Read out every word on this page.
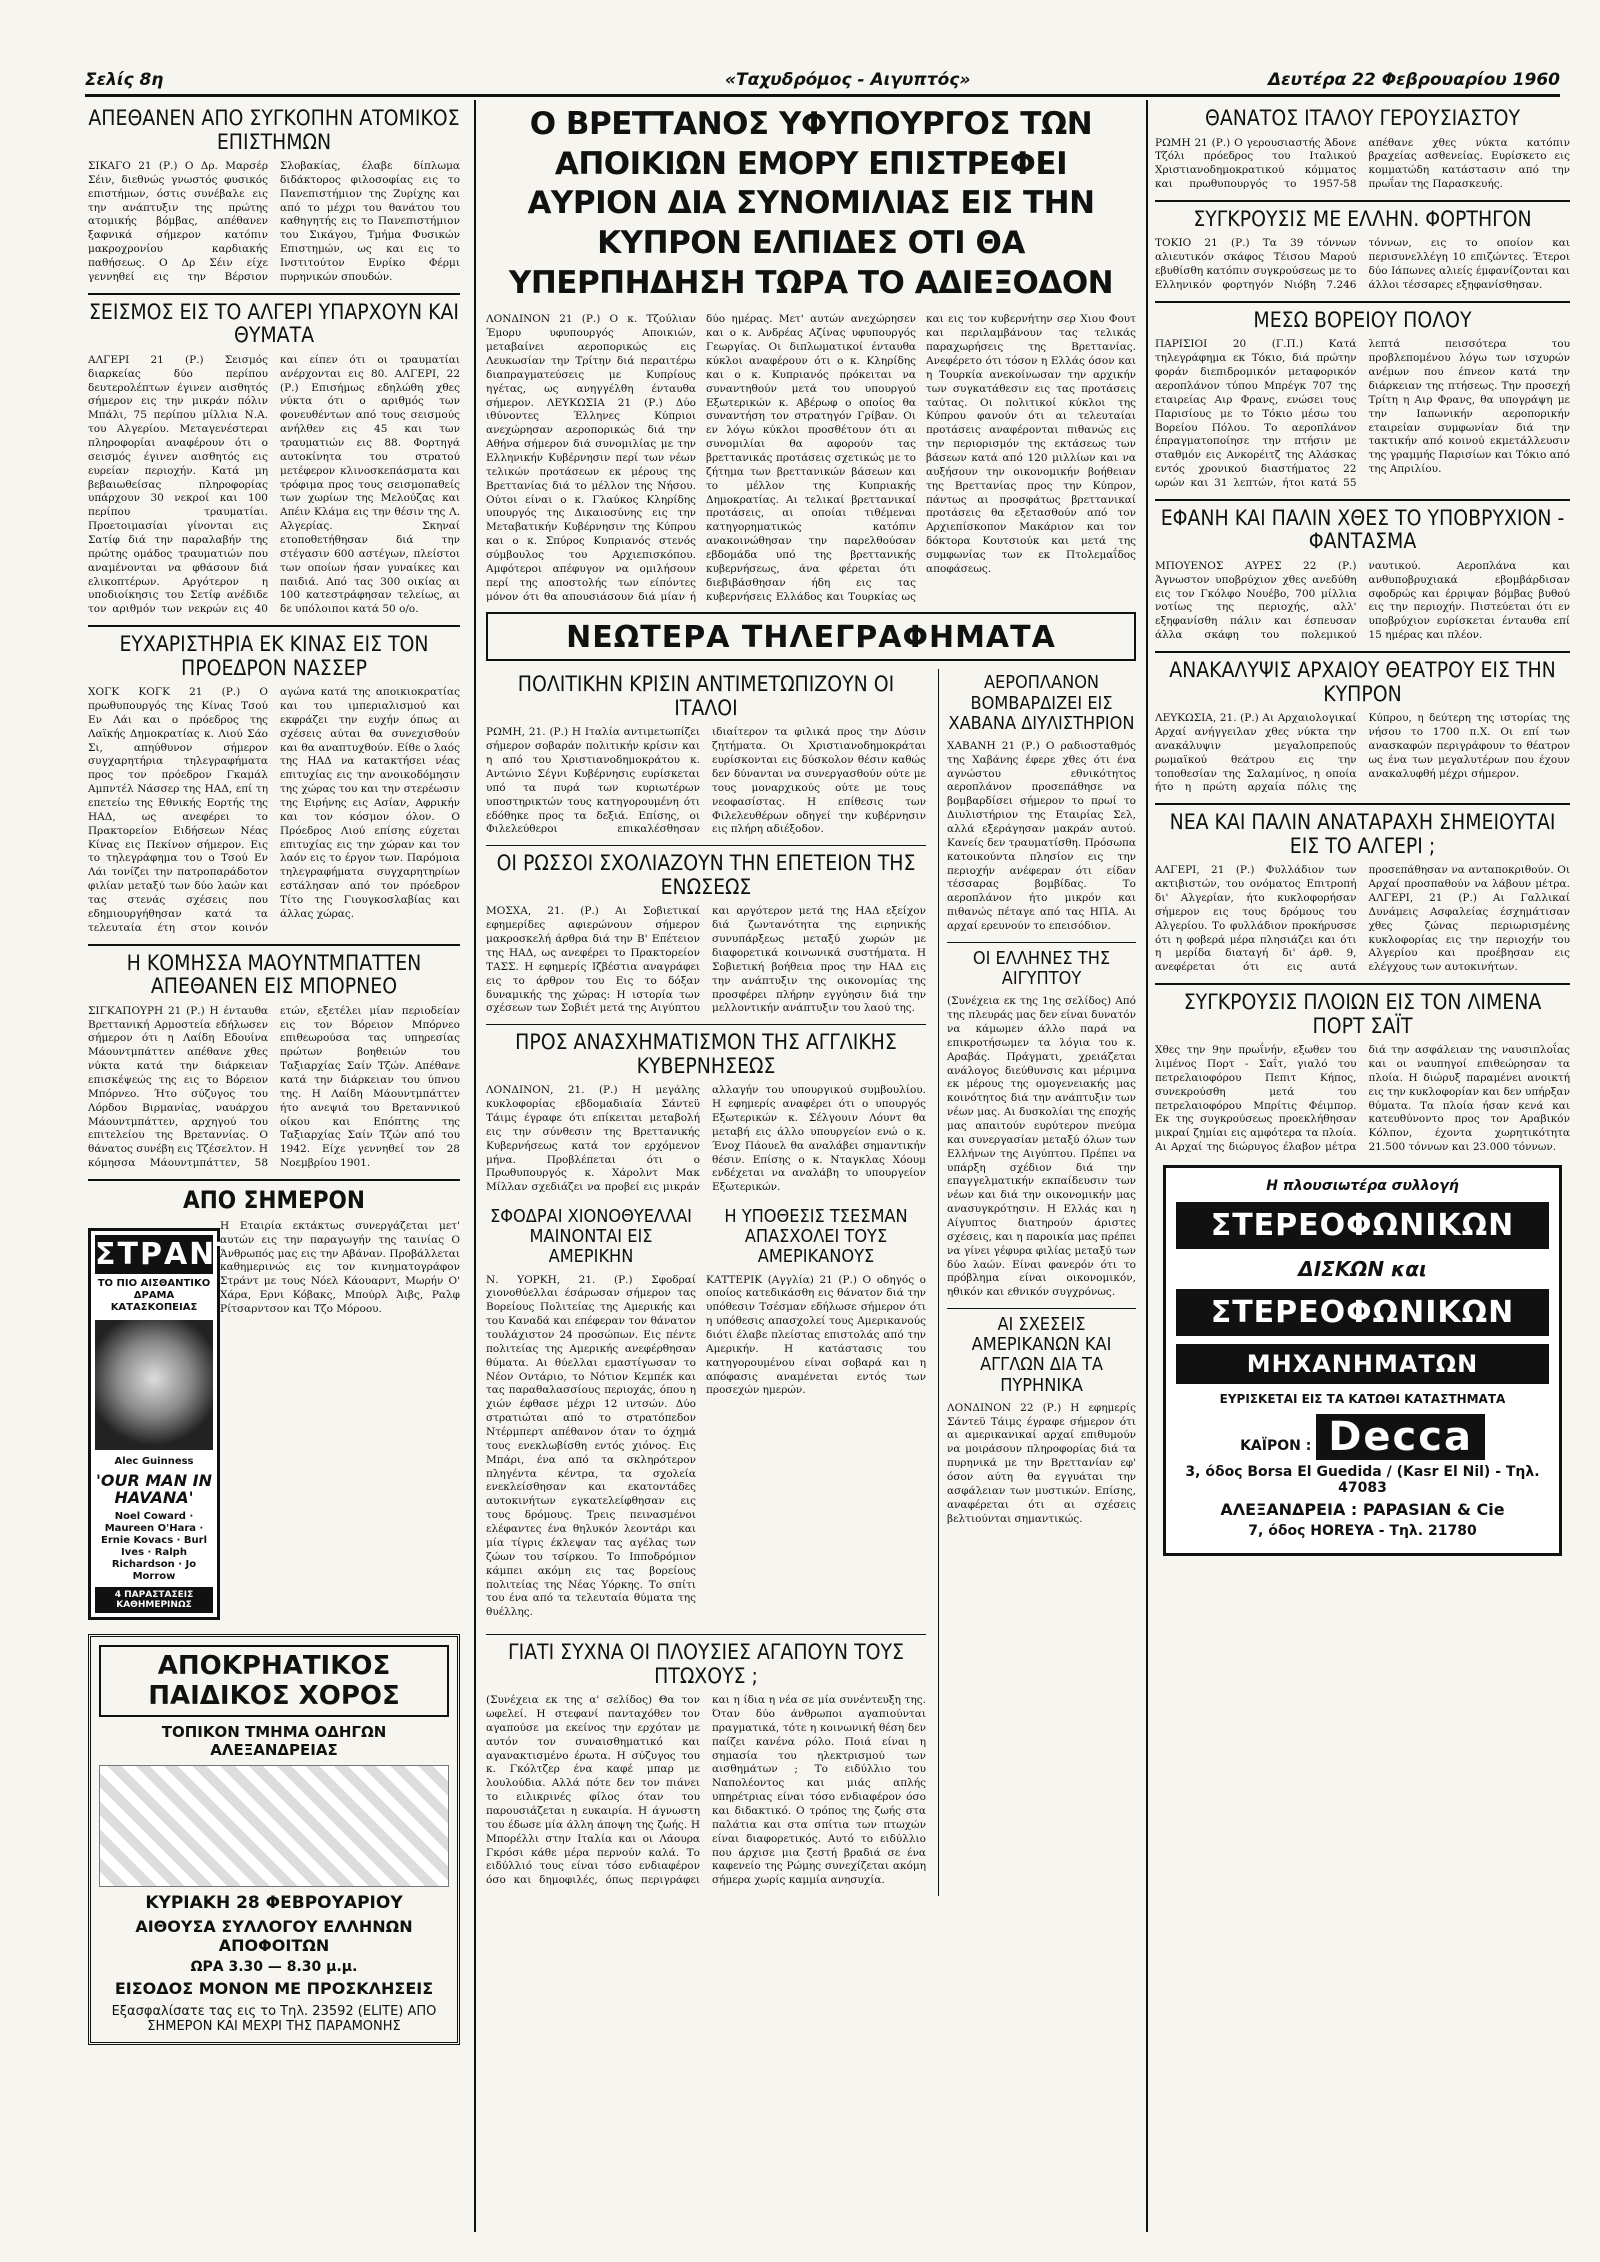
Σελίς 8η	«Ταχυδρόμος - Αιγυπτός»	Δευτέρα 22 Φεβρουαρίου 1960
ΑΠΕΘΑΝΕΝ ΑΠΟ ΣΥΓΚΟΠΗΝ ΑΤΟΜΙΚΟΣ ΕΠΙΣΤΗΜΩΝ

ΣΙΚΑΓΟ 21 (Ρ.) Ο Δρ. Μαρσέρ Σέιν, διεθνώς γνωστός φυσικός επιστήμων, όστις συνέβαλε εις την ανάπτυξιν της πρώτης ατομικής βόμβας, απέθανεν ξαφνικά σήμερον κατόπιν μακροχρονίου καρδιακής παθήσεως. Ο Δρ Σέιν είχε γεννηθεί εις την Βέρσιον Σλοβακίας, έλαβε δίπλωμα διδάκτορος φιλοσοφίας εις το Πανεπιστήμιον της Ζυρίχης και από το μέχρι του θανάτου του καθηγητής εις το Πανεπιστήμιον του Σικάγου, Τμήμα Φυσικών Επιστημών, ως και εις το Ινστιτούτον Ενρίκο Φέρμι πυρηνικών σπουδών.

ΣΕΙΣΜΟΣ ΕΙΣ ΤΟ ΑΛΓΕΡΙ ΥΠΑΡΧΟΥΝ ΚΑΙ ΘΥΜΑΤΑ

ΑΛΓΕΡΙ 21 (Ρ.) Σεισμός διαρκείας δύο περίπου δευτερολέπτων έγινεν αισθητός σήμερον εις την μικράν πόλιν Μπάλι, 75 περίπου μίλλια Ν.Α. του Αλγερίου. Μεταγενέστεραι πληροφορίαι αναφέρουν ότι ο σεισμός έγινεν αισθητός εις ευρείαν περιοχήν. Κατά μη βεβαιωθείσας πληροφορίας υπάρχουν 30 νεκροί και 100 περίπου τραυματίαι. Προετοιμασίαι γίνονται εις Σατίφ διά την παραλαβήν της πρώτης ομάδος τραυματιών που αναμένονται να φθάσουν διά ελικοπτέρων. Αργότερον η υποδιοίκησις του Σετίφ ανέδιδε τον αριθμόν των νεκρών εις 40 και είπεν ότι οι τραυματίαι ανέρχονται εις 80. ΑΛΓΕΡΙ, 22 (Ρ.) Επισήμως εδηλώθη χθες νύκτα ότι ο αριθμός των φονευθέντων από τους σεισμούς ανήλθεν εις 45 και των τραυματιών εις 88. Φορτηγά αυτοκίνητα του στρατού μετέφερον κλινοσκεπάσματα και τρόφιμα προς τους σεισμοπαθείς των χωρίων της Μελούζας και Απέιν Κλάμα εις την θέσιν της Λ. Αλγερίας. Σκηναί ετοποθετήθησαν διά την στέγασιν 600 αστέγων, πλείστοι των οποίων ήσαν γυναίκες και παιδιά. Από τας 300 οικίας αι 100 κατεστράφησαν τελείως, αι δε υπόλοιποι κατά 50 ο/ο.

ΕΥΧΑΡΙΣΤΗΡΙΑ ΕΚ ΚΙΝΑΣ ΕΙΣ ΤΟΝ ΠΡΟΕΔΡΟΝ ΝΑΣΣΕΡ

ΧΟΓΚ ΚΟΓΚ 21 (Ρ.) Ο πρωθυπουργός της Κίνας Τσού Εν Λάι και ο πρόεδρος της Λαϊκής Δημοκρατίας κ. Λιού Σάο Σι, απηύθυνον σήμερον συγχαρητήρια τηλεγραφήματα προς τον πρόεδρον Γκαμάλ Αμπντέλ Νάσσερ της ΗΑΔ, επί τη επετείω της Εθνικής Εορτής της ΗΑΔ, ως ανεφέρει το Πρακτορείον Ειδήσεων Νέας Κίνας εις Πεκίνον σήμερον. Εις το τηλεγράφημα του ο Τσού Εν Λάι τονίζει την πατροπαράδοτον φιλίαν μεταξύ των δύο λαών και τας στενάς σχέσεις που εδημιουργήθησαν κατά τα τελευταία έτη στον κοινόν αγώνα κατά της αποικιοκρατίας και του ιμπεριαλισμού και εκφράζει την ευχήν όπως αι σχέσεις αύται θα συνεχισθούν και θα αναπτυχθούν. Είθε ο λαός της ΗΑΔ να κατακτήσει νέας επιτυχίας εις την ανοικοδόμησιν της χώρας του και την στερέωσιν της Ειρήνης εις Ασίαν, Αφρικήν και τον κόσμον όλον. Ο Πρόεδρος Λιού επίσης εύχεται επιτυχίας εις την χώραν και τον λαόν εις το έργον των. Παρόμοια τηλεγραφήματα συγχαρητηρίων εστάλησαν από τον πρόεδρον Τίτο της Γιουγκοσλαβίας και άλλας χώρας.

Η ΚΟΜΗΣΣΑ ΜΑΟΥΝΤΜΠΑΤΤΕΝ ΑΠΕΘΑΝΕΝ ΕΙΣ ΜΠΟΡΝΕΟ

ΣΙΓΚΑΠΟΥΡΗ 21 (Ρ.) Η ένταυθα Βρεττανική Αρμοστεία εδήλωσεν σήμερον ότι η Λαίδη Εδουίνα Μάουντμπάττεν απέθανε χθες νύκτα κατά την διάρκειαν επισκέψεώς της εις το Βόρειον Μπόρνεο. Ήτο σύζυγος του Λόρδου Βιρμανίας, ναυάρχου Μάουντμπάττεν, αρχηγού του επιτελείου της Βρεταννίας. Ο θάνατος συνέβη εις Τζέσελτον. Η κόμησσα Μάουντμπάττεν, 58 ετών, εξετέλει μίαν περιοδείαν εις τον Βόρειον Μπόρνεο επιθεωρούσα τας υπηρεσίας πρώτων βοηθειών του Ταξιαρχίας Σαίν Τζών. Απέθανε κατά την διάρκειαν του ύπνου της. Η Λαίδη Μάουντμπάττεν ήτο ανεψιά του Βρεταννικού οίκου και Επόπτης της Ταξιαρχίας Σαίν Τζών από του 1942. Είχε γεννηθεί τον 28 Νοεμβρίου 1901.

ΑΠΟ ΣΗΜΕΡΟΝ
ΣΤΡΑΝΤ
ΤΟ ΠΙΟ ΑΙΣΘΑΝΤΙΚΟ ΔΡΑΜΑ ΚΑΤΑΣΚΟΠΕΙΑΣ
Alec Guinness
'OUR MAN IN HAVANA'
Noel Coward · Maureen O'Hara · Ernie Kovacs · Burl Ives · Ralph Richardson · Jo Morrow
4 ΠΑΡΑΣΤΑΣΕΙΣ ΚΑΘΗΜΕΡΙΝΩΣ

Η Εταιρία εκτάκτως συνεργάζεται μετ' αυτών εις την παραγωγήν της ταινίας Ο Άνθρωπός μας εις την Αβάναν. Προβάλλεται καθημερινώς εις τον κινηματογράφον Στράντ με τους Νόελ Κάουαρντ, Μωρήν Ο' Χάρα, Ερνι Κόβακς, Μπούρλ Άιβς, Ραλφ Ρίτσαρντσον και Τζο Μόροου.

ΑΠΟΚΡΗΑΤΙΚΟΣ ΠΑΙΔΙΚΟΣ ΧΟΡΟΣ
ΤΟΠΙΚΟΝ ΤΜΗΜΑ ΟΔΗΓΩΝ ΑΛΕΞΑΝΔΡΕΙΑΣ
ΚΥΡΙΑΚΗ 28 ΦΕΒΡΟΥΑΡΙΟΥ
ΑΙΘΟΥΣΑ ΣΥΛΛΟΓΟΥ ΕΛΛΗΝΩΝ ΑΠΟΦΟΙΤΩΝ
ΩΡΑ 3.30 — 8.30 μ.μ.
ΕΙΣΟΔΟΣ ΜΟΝΟΝ ΜΕ ΠΡΟΣΚΛΗΣΕΙΣ
Εξασφαλίσατε τας εις το Τηλ. 23592 (ELITE) ΑΠΟ ΣΗΜΕΡΟΝ ΚΑΙ ΜΕΧΡΙ ΤΗΣ ΠΑΡΑΜΟΝΗΣ
Ο ΒΡΕΤΤΑΝΟΣ ΥΦΥΠΟΥΡΓΟΣ ΤΩΝ ΑΠΟΙΚΙΩΝ ΕΜΟΡΥ ΕΠΙΣΤΡΕΦΕΙ ΑΥΡΙΟΝ ΔΙΑ ΣΥΝΟΜΙΛΙΑΣ ΕΙΣ ΤΗΝ ΚΥΠΡΟΝ ΕΛΠΙΔΕΣ ΟΤΙ ΘΑ ΥΠΕΡΠΗΔΗΣΗ ΤΩΡΑ ΤΟ ΑΔΙΕΞΟΔΟΝ

ΛΟΝΔΙΝΟΝ 21 (Ρ.) Ο κ. Τζούλιαν Έμορυ υφυπουργός Αποικιών, μεταβαίνει αεροπορικώς εις Λευκωσίαν την Τρίτην διά περαιτέρω διαπραγματεύσεις με Κυπρίους ηγέτας, ως ανηγγέλθη ένταυθα σήμερον. ΛΕΥΚΩΣΙΑ 21 (Ρ.) Δύο ιθύνοντες Έλληνες Κύπριοι ανεχώρησαν αεροπορικώς διά την Αθήνα σήμερον διά συνομιλίας με την Ελληνικήν Κυβέρνησιν περί των νέων τελικών προτάσεων εκ μέρους της Βρεττανίας διά το μέλλον της Νήσου. Ούτοι είναι ο κ. Γλαύκος Κληρίδης υπουργός της Δικαιοσύνης εις την Μεταβατικήν Κυβέρνησιν της Κύπρου και ο κ. Σπύρος Κυπριανός στενός σύμβουλος του Αρχιεπισκόπου. Αμφότεροι απέφυγον να ομιλήσουν περί της αποστολής των είπόντες μόνον ότι θα απουσιάσουν διά μίαν ή δύο ημέρας. Μετ' αυτών ανεχώρησεν και ο κ. Ανδρέας Αζίνας υφυπουργός Γεωργίας. Οι διπλωματικοί ένταυθα κύκλοι αναφέρουν ότι ο κ. Κληρίδης και ο κ. Κυπριανός πρόκειται να συναντηθούν μετά του υπουργού Εξωτερικών κ. Αβέρωφ ο οποίος θα συναντήση τον στρατηγόν Γρίβαν. Οι εν λόγω κύκλοι προσθέτουν ότι αι συνομιλίαι θα αφορούν τας βρεττανικάς προτάσεις σχετικώς με το ζήτημα των βρεττανικών βάσεων και το μέλλον της Κυπριακής Δημοκρατίας. Αι τελικαί βρεττανικαί προτάσεις, αι οποίαι τιθέμεναι κατηγορηματικώς κατόπιν ανακοινώθησαν την παρελθούσαν εβδομάδα υπό της βρεττανικής κυβερνήσεως, άνα φέρεται ότι διεβιβάσθησαν ήδη εις τας κυβερνήσεις Ελλάδος και Τουρκίας ως και εις τον κυβερνήτην σερ Χιου Φουτ και περιλαμβάνουν τας τελικάς παραχωρήσεις της Βρεττανίας. Ανεφέρετο ότι τόσον η Ελλάς όσον και η Τουρκία ανεκοίνωσαν την αρχικήν των συγκατάθεσιν εις τας προτάσεις ταύτας. Οι πολιτικοί κύκλοι της Κύπρου φανούν ότι αι τελευταίαι προτάσεις αναφέρονται πιθανώς εις την περιορισμόν της εκτάσεως των βάσεων κατά από 120 μιλλίων και να αυξήσουν την οικονομικήν βοήθειαν της Βρεττανίας προς την Κύπρον, πάντως αι προσφάτως βρεττανικαί προτάσεις θα εξετασθούν από τον Αρχιεπίσκοπον Μακάριον και τον δόκτορα Κουτσιούκ και μετά της συμφωνίας των εκ Πτολεμαΐδος αποφάσεως.

ΝΕΩΤΕΡΑ ΤΗΛΕΓΡΑΦΗΜΑΤΑ
ΠΟΛΙΤΙΚΗΝ ΚΡΙΣΙΝ ΑΝΤΙΜΕΤΩΠΙΖΟΥΝ ΟΙ ΙΤΑΛΟΙ

ΡΩΜΗ, 21. (Ρ.) Η Ιταλία αντιμετωπίζει σήμερον σοβαράν πολιτικήν κρίσιν και η από του Χριστιανοδημοκράτου κ. Αντώνιο Σέγνι Κυβέρνησις ευρίσκεται υπό τα πυρά των κυριωτέρων υποστηρικτών τους κατηγορουμένη ότι εδόθηκε προς τα δεξιά. Επίσης, οι Φιλελεύθεροι επικαλέσθησαν ιδιαίτερον τα φιλικά προς την Δύσιν ζητήματα. Οι Χριστιανοδημοκράται ευρίσκονται εις δύσκολον θέσιν καθώς δεν δύνανται να συνεργασθούν ούτε με τους μοναρχικούς ούτε με τους νεοφασίστας. Η επίθεσις των Φιλελευθέρων οδηγεί την κυβέρνησιν εις πλήρη αδιέξοδον.

ΟΙ ΡΩΣΣΟΙ ΣΧΟΛΙΑΖΟΥΝ ΤΗΝ ΕΠΕΤΕΙΟΝ ΤΗΣ ΕΝΩΣΕΩΣ

ΜΟΣΧΑ, 21. (Ρ.) Αι Σοβιετικαί εφημερίδες αφιερώνουν σήμερον μακροσκελή άρθρα διά την Β' Επέτειον της ΗΑΔ, ως ανεφέρει το Πρακτορείον ΤΑΣΣ. Η εφημερίς Ιζβέστια αναγράφει εις το άρθρον του Εις το δόξαν δυναμικής της χώρας: Η ιστορία των σχέσεων των Σοβιέτ μετά της Αιγύπτου και αργότερον μετά της ΗΑΔ εξείχον διά ζωντανότητα της ειρηνικής συνυπάρξεως μεταξύ χωρών με διαφορετικά κοινωνικά συστήματα. Η Σοβιετική βοήθεια προς την ΗΑΔ εις την ανάπτυξιν της οικονομίας της προσφέρει πλήρην εγγύησιν διά την μελλοντικήν ανάπτυξιν του λαού της.

ΠΡΟΣ ΑΝΑΣΧΗΜΑΤΙΣΜΟΝ ΤΗΣ ΑΓΓΛΙΚΗΣ ΚΥΒΕΡΝΗΣΕΩΣ

ΛΟΝΔΙΝΟΝ, 21. (Ρ.) Η μεγάλης κυκλοφορίας εβδομαδιαία Σάντεϋ Τάιμς έγραφε ότι επίκειται μεταβολή εις την σύνθεσιν της Βρεττανικής Κυβερνήσεως κατά τον ερχόμενον μήνα. Προβλέπεται ότι ο Πρωθυπουργός κ. Χάρολντ Μακ Μίλλαν σχεδιάζει να προβεί εις μικράν αλλαγήν του υπουργικού συμβουλίου. Η εφημερίς αναφέρει ότι ο υπουργός Εξωτερικών κ. Σέλγουιν Λόυντ θα μεταβή εις άλλο υπουργείον ενώ ο κ. Ένοχ Πάουελ θα αναλάβει σημαντικήν θέσιν. Επίσης ο κ. Νταγκλας Χόουμ ενδέχεται να αναλάβη το υπουργείον Εξωτερικών.

ΣΦΟΔΡΑΙ ΧΙΟΝΟΘΥΕΛΛΑΙ ΜΑΙΝΟΝΤΑΙ ΕΙΣ ΑΜΕΡΙΚΗΝ

Ν. ΥΟΡΚΗ, 21. (Ρ.) Σφοδραί χιονοθύελλαι έσάρωσαν σήμερον τας Βορείους Πολιτείας της Αμερικής και του Καναδά και επέφεραν τον θάνατον τουλάχιστον 24 προσώπων. Εις πέντε πολιτείας της Αμερικής ανεφέρθησαν θύματα. Αι θύελλαι εμαστίγωσαν το Νέον Οντάριο, το Νότιον Κεμπέκ και τας παραθαλασσίους περιοχάς, όπου η χιών έφθασε μέχρι 12 ιντσών. Δύο στρατιώται από το στρατόπεδον Ντέρμπερτ απέθανον όταν το όχημά τους ενεκλωβίσθη εντός χιόνος. Εις Μπάρι, ένα από τα σκληρότερον πληγέντα κέντρα, τα σχολεία ενεκλείσθησαν και εκατοντάδες αυτοκινήτων εγκατελείφθησαν εις τους δρόμους. Τρεις πεινασμένοι ελέφαντες ένα θηλυκόν λεοντάρι και μία τίγρις έκλεψαν τας αγέλας των ζώων του τσίρκου. Το Ιπποδρόμιον κάμπει ακόμη εις τας βορείους πολιτείας της Νέας Υόρκης. Το σπίτι του ένα από τα τελευταία θύματα της θυέλλης.

Η ΥΠΟΘΕΣΙΣ ΤΣΕΣΜΑΝ ΑΠΑΣΧΟΛΕΙ ΤΟΥΣ ΑΜΕΡΙΚΑΝΟΥΣ

ΚΑΤΤΕΡΙΚ (Αγγλία) 21 (Ρ.) Ο οδηγός ο οποίος κατεδικάσθη εις θάνατον διά την υπόθεσιν Τσέσμαν εδήλωσε σήμερον ότι η υπόθεσις απασχολεί τους Αμερικανούς διότι έλαβε πλείστας επιστολάς από την Αμερικήν. Η κατάστασις του κατηγορουμένου είναι σοβαρά και η απόφασις αναμένεται εντός των προσεχών ημερών.

ΓΙΑΤΙ ΣΥΧΝΑ ΟΙ ΠΛΟΥΣΙΕΣ ΑΓΑΠΟΥΝ ΤΟΥΣ ΠΤΩΧΟΥΣ ;

(Συνέχεια εκ της α' σελίδος) Θα τον ωφελεί. Η στεφανί πανταχόθεν τον αγαπούσε μα εκείνος την ερχόταν με αυτόν τον συναισθηματικό και αγανακτισμένο έρωτα. Η σύζυγος του κ. Γκόλτζερ ένα καφέ μπαρ με λουλούδια. Αλλά πότε δεν τον πιάνει το ειλικρινές φίλος όταν του παρουσιάζεται η ευκαιρία. Η άγνωστη του έδωσε μία άλλη άποψη της ζωής. Η Μπορέλλι στην Ιταλία και οι Λάουρα Γκρόσι κάθε μέρα περνούν καλά. Το ειδύλλιό τους είναι τόσο ενδιαφέρον όσο και δημοφιλές, όπως περιγράφει και η ίδια η νέα σε μία συνέντευξη της. Όταν δύο άνθρωποι αγαπιούνται πραγματικά, τότε η κοινωνική θέση δεν παίζει κανένα ρόλο. Ποιά είναι η σημασία του ηλεκτρισμού των αισθημάτων ; Το ειδύλλιο του Ναπολέοντος και μιάς απλής υπηρέτριας είναι τόσο ενδιαφέρον όσο και διδακτικό. Ο τρόπος της ζωής στα παλάτια και στα σπίτια των πτωχών είναι διαφορετικός. Αυτό το ειδύλλιο που άρχισε μια ζεστή βραδιά σε ένα καφενείο της Ρώμης συνεχίζεται ακόμη σήμερα χωρίς καμμία ανησυχία.

ΑΕΡΟΠΛΑΝΟΝ ΒΟΜΒΑΡΔΙΖΕΙ ΕΙΣ ΧΑΒΑΝΑ ΔΙΥΛΙΣΤΗΡΙΟΝ

ΧΑΒΑΝΗ 21 (Ρ.) Ο ραδιοσταθμός της Χαβάνης έφερε χθες ότι ένα αγνώστου εθνικότητος αεροπλάνον προσεπάθησε να βομβαρδίσει σήμερον το πρωί το Διυλιστήριον της Εταιρίας Σελ, αλλά εξεράγησαν μακράν αυτού. Κανείς δεν τραυματίσθη. Πρόσωπα κατοικούντα πλησίον εις την περιοχήν ανέφεραν ότι είδαν τέσσαρας βομβίδας. Το αεροπλάνον ήτο μικρόν και πιθανώς πέταγε από τας ΗΠΑ. Αι αρχαί ερευνούν το επεισόδιον.

ΟΙ ΕΛΛΗΝΕΣ ΤΗΣ ΑΙΓΥΠΤΟΥ

(Συνέχεια εκ της 1ης σελίδος) Από της πλευράς μας δεν είναι δυνατόν να κάμωμεν άλλο παρά να επικροτήσωμεν τα λόγια του κ. Αραβάς. Πράγματι, χρειάζεται ανάλογος διεύθυνσις και μέριμνα εκ μέρους της ομογενειακής μας κοινότητος διά την ανάπτυξιν των νέων μας. Αι δυσκολίαι της εποχής μας απαιτούν ευρύτερον πνεύμα και συνεργασίαν μεταξύ όλων των Ελλήνων της Αιγύπτου. Πρέπει να υπάρξη σχέδιον διά την επαγγελματικήν εκπαίδευσιν των νέων και διά την οικονομικήν μας ανασυγκρότησιν. Η Ελλάς και η Αίγυπτος διατηρούν άριστες σχέσεις, και η παροικία μας πρέπει να γίνει γέφυρα φιλίας μεταξύ των δύο λαών. Είναι φανερόν ότι το πρόβλημα είναι οικονομικόν, ηθικόν και εθνικόν συγχρόνως.

ΑΙ ΣΧΕΣΕΙΣ ΑΜΕΡΙΚΑΝΩΝ ΚΑΙ ΑΓΓΛΩΝ ΔΙΑ ΤΑ ΠΥΡΗΝΙΚΑ

ΛΟΝΔΙΝΟΝ 22 (Ρ.) Η εφημερίς Σάντεϋ Τάιμς έγραφε σήμερον ότι αι αμερικανικαί αρχαί επιθυμούν να μοιράσουν πληροφορίας διά τα πυρηνικά με την Βρεττανίαν εφ' όσον αύτη θα εγγυάται την ασφάλειαν των μυστικών. Επίσης, αναφέρεται ότι αι σχέσεις βελτιούνται σημαντικώς.

ΘΑΝΑΤΟΣ ΙΤΑΛΟΥ ΓΕΡΟΥΣΙΑΣΤΟΥ

ΡΩΜΗ 21 (Ρ.) Ο γερουσιαστής Άδονε Τζόλι πρόεδρος του Ιταλικού Χριστιανοδημοκρατικού κόμματος και πρωθυπουργός το 1957-58 απέθανε χθες νύκτα κατόπιν βραχείας ασθενείας. Ευρίσκετο εις κομματώδη κατάστασιν από την πρωΐαν της Παρασκευής.

ΣΥΓΚΡΟΥΣΙΣ ΜΕ ΕΛΛΗΝ. ΦΟΡΤΗΓΟΝ

ΤΟΚΙΟ 21 (Ρ.) Τα 39 τόννων αλιευτικόν σκάφος Τέισου Μαρού εβυθίσθη κατόπιν συγκρούσεως με το Ελληνικόν φορτηγόν Νιόβη 7.246 τόννων, εις το οποίον και περισυνελλέγη 10 επιζώντες. Έτεροι δύο Ιάπωνες αλιείς έμφανίζονται και άλλοι τέσσαρες εξηφανίσθησαν.

ΜΕΣΩ ΒΟΡΕΙΟΥ ΠΟΛΟΥ

ΠΑΡΙΣΙΟΙ 20 (Γ.Π.) Κατά τηλεγράφημα εκ Τόκιο, διά πρώτην φοράν διεπιδρομικόν μεταφορικόν αεροπλάνον τύπου Μπρέγκ 707 της εταιρείας Αιρ Φρανς, ενώσει τους Παρισίους με το Τόκιο μέσω του Βορείου Πόλου. Το αεροπλάνον έπραγματοποίησε την πτήσιν με σταθμόν εις Ανκορέιτζ της Αλάσκας εντός χρονικού διαστήματος 22 ωρών και 31 λεπτών, ήτοι κατά 55 λεπτά πεισσότερα του προβλεπομένου λόγω των ισχυρών ανέμων που έπνεον κατά την διάρκειαν της πτήσεως. Την προσεχή Τρίτη η Αιρ Φρανς, θα υπογράψη με την Ιαπωνικήν αεροπορικήν εταιρείαν συμφωνίαν διά την τακτικήν από κοινού εκμετάλλευσιν της γραμμής Παρισίων και Τόκιο από της Απριλίου.

ΕΦΑΝΗ ΚΑΙ ΠΑΛΙΝ ΧΘΕΣ ΤΟ ΥΠΟΒΡΥΧΙΟΝ - ΦΑΝΤΑΣΜΑ

ΜΠΟΥΕΝΟΣ ΑΥΡΕΣ 22 (Ρ.) Άγνωστον υποβρύχιον χθες ανεδύθη εις τον Γκόλφο Νουέβο, 700 μίλλια νοτίως της περιοχής, αλλ' εξηφανίσθη πάλιν και έσπευσαν άλλα σκάφη του πολεμικού ναυτικού. Αεροπλάνα και ανθυποβρυχιακά εβομβάρδισαν σφοδρώς και έρριψαν βόμβας βυθού εις την περιοχήν. Πιστεύεται ότι εν υποβρύχιον ευρίσκεται ένταυθα επί 15 ημέρας και πλέον.

ΑΝΑΚΑΛΥΨΙΣ ΑΡΧΑΙΟΥ ΘΕΑΤΡΟΥ ΕΙΣ ΤΗΝ ΚΥΠΡΟΝ

ΛΕΥΚΩΣΙΑ, 21. (Ρ.) Αι Αρχαιολογικαί Αρχαί ανήγγειλαν χθες νύκτα την ανακάλυψιν μεγαλοπρεπούς ρωμαϊκού θεάτρου εις την τοποθεσίαν της Σαλαμίνος, η οποία ήτο η πρώτη αρχαία πόλις της Κύπρου, η δεύτερη της ιστορίας της νήσου το 1700 π.Χ. Οι επί των ανασκαφών περιγράφουν το θέατρον ως ένα των μεγαλυτέρων που έχουν ανακαλυφθή μέχρι σήμερον.

ΝΕΑ ΚΑΙ ΠΑΛΙΝ ΑΝΑΤΑΡΑΧΗ ΣΗΜΕΙΟΥΤΑΙ ΕΙΣ ΤΟ ΑΛΓΕΡΙ ;

ΑΛΓΕΡΙ, 21 (Ρ.) Φυλλάδιον των ακτιβιστών, του ονόματος Επιτροπή δι' Αλγερίαν, ήτο κυκλοφορήσαν σήμερον εις τους δρόμους του Αλγερίου. Το φυλλάδιον προκήρυσσε ότι η φοβερά μέρα πλησιάζει και ότι η μερίδα διαταγή δι' άρθ. 9, ανεφέρεται ότι εις αυτά προσεπάθησαν να ανταποκριθούν. Οι Αρχαί προσπαθούν να λάβουν μέτρα. ΑΛΓΕΡΙ, 21 (Ρ.) Αι Γαλλικαί Δυνάμεις Ασφαλείας έσχημάτισαν χθες ζώνας περιωρισμένης κυκλοφορίας εις την περιοχήν του Αλγερίου και προέβησαν εις ελέγχους των αυτοκινήτων.

ΣΥΓΚΡΟΥΣΙΣ ΠΛΟΙΩΝ ΕΙΣ ΤΟΝ ΛΙΜΕΝΑ ΠΟΡΤ ΣΑΪΤ

Χθες την 9ην πρωΐνήν, εξωθεν του λιμένος Πορτ - Σαΐτ, γιαλό του πετρελαιοφόρου Πεπιτ Κήπος, συνεκρούσθη μετά του πετρελαιοφόρου Μπρίτις Φέιμπορ. Εκ της συγκρούσεως προεκλήθησαν μικραί ζημίαι εις αμφότερα τα πλοία. Αι Αρχαί της διώρυγος έλαβον μέτρα διά την ασφάλειαν της ναυσιπλοΐας και οι ναυπηγοί επιθεώρησαν τα πλοία. Η διώρυξ παραμένει ανοικτή εις την κυκλοφορίαν και δεν υπήρξαν θύματα. Τα πλοία ήσαν κενά και κατευθύνοντο προς τον Αραβικόν Κόλπον, έχοντα χωρητικότητα 21.500 τόννων και 23.000 τόννων.

Η πλουσιωτέρα συλλογή
ΣΤΕΡΕΟΦΩΝΙΚΩΝ
ΔΙΣΚΩΝ και
ΣΤΕΡΕΟΦΩΝΙΚΩΝ
ΜΗΧΑΝΗΜΑΤΩΝ
ΕΥΡΙΣΚΕΤΑΙ ΕΙΣ ΤΑ ΚΑΤΩΘΙ ΚΑΤΑΣΤΗΜΑΤΑ
ΚΑΪΡΟΝ : Decca
3, όδος Borsa El Guedida / (Kasr El Nil) - Τηλ. 47083
ΑΛΕΞΑΝΔΡΕΙΑ : PAPASIAN & Cie
7, όδος HOREYA - Τηλ. 21780
